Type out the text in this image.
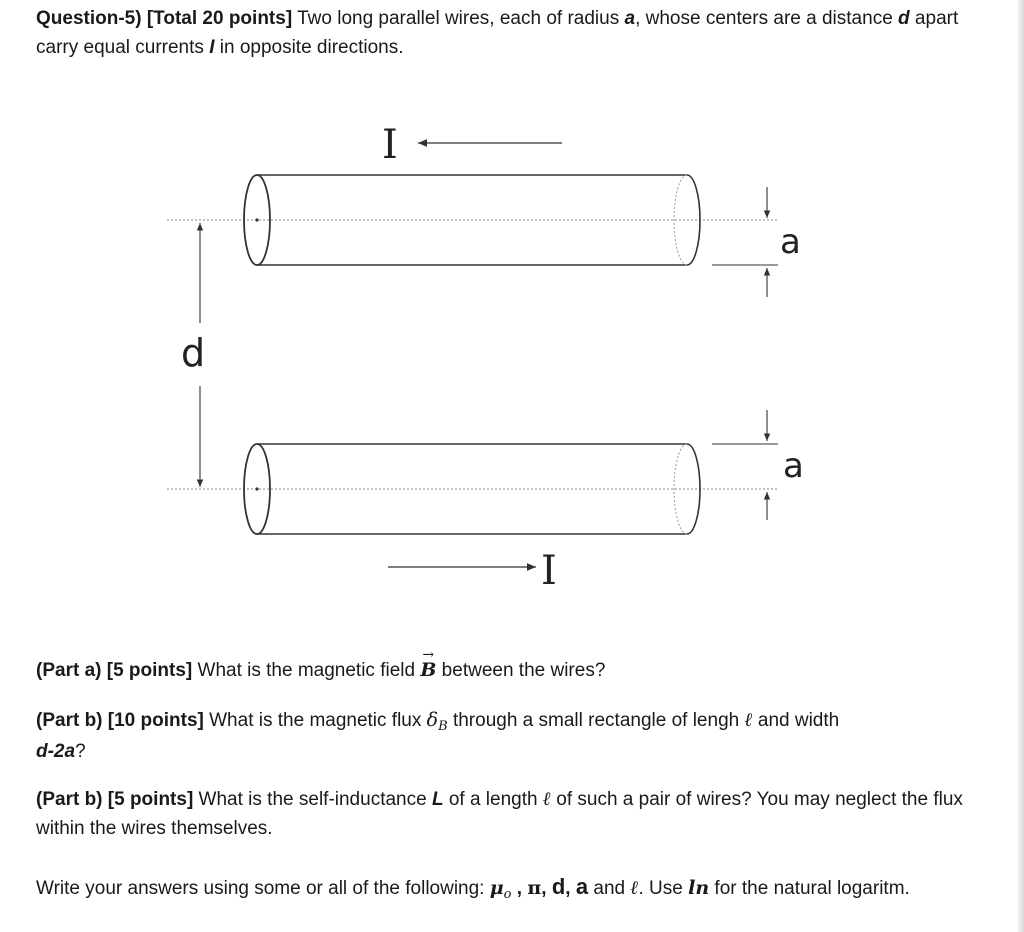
Question-5) [Total 20 points] Two long parallel wires, each of radius a, whose centers are a distance d apart carry equal currents I in opposite directions.
I
d
a
a
I
(Part a) [5 points] What is the magnetic field → B between the wires?
(Part b) [10 points] What is the magnetic flux $\delta_B$ through a small rectangle of lengh ℓ and width
d-2a?
(Part b) [5 points] What is the self-inductance L of a length ℓ of such a pair of wires? You may neglect the flux within the wires themselves.
Write your answers using some or all of the following: $\mu_o$ , π, d, a and ℓ. Use ln for the natural logaritm.
